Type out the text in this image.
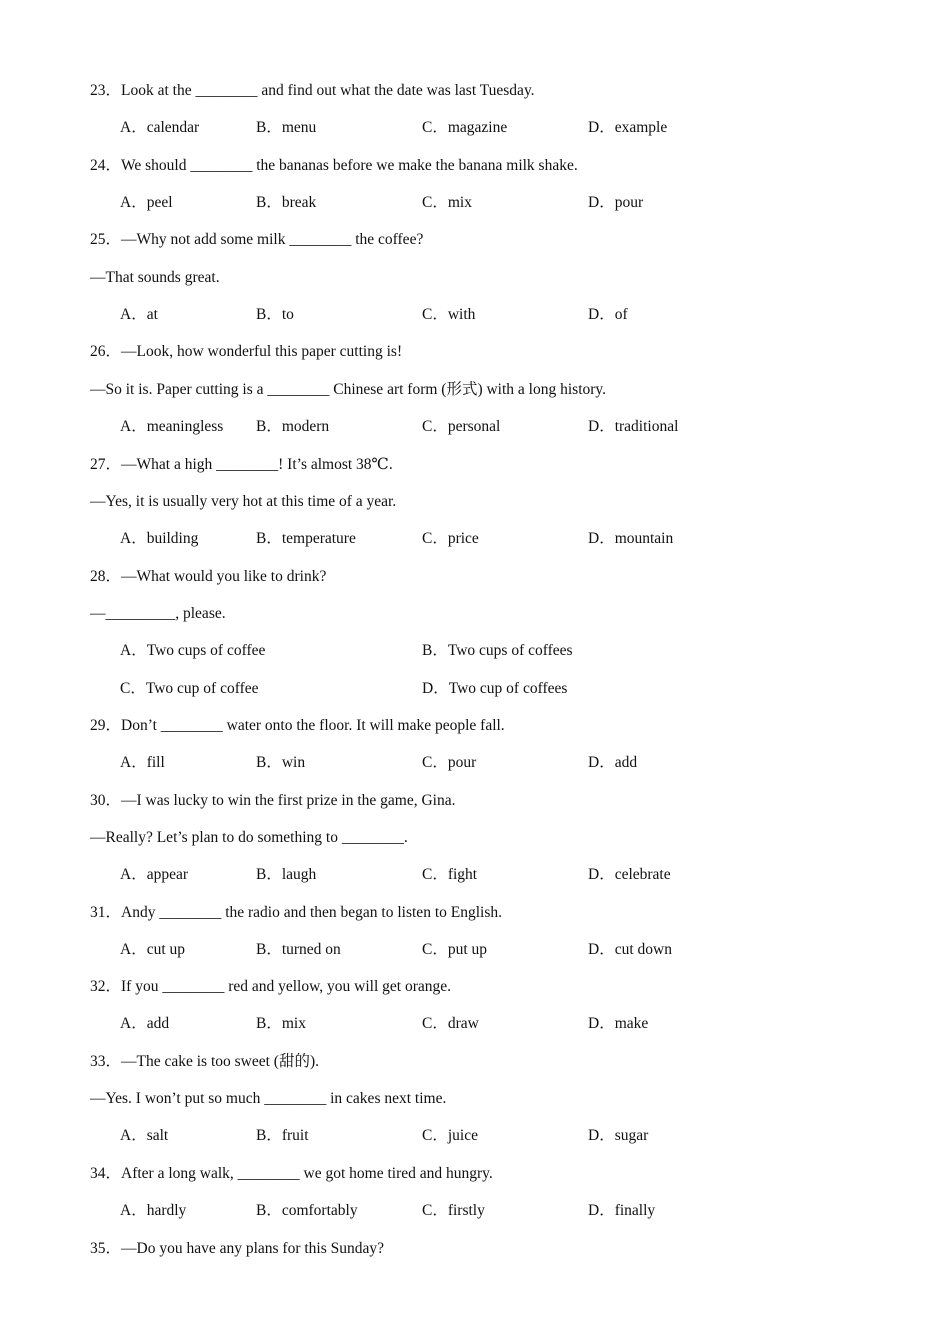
23．Look at the ________ and find out what the date was last Tuesday.
A．calendar	B．menu	C．magazine	D．example
24．We should ________ the bananas before we make the banana milk shake.
A．peel	B．break	C．mix	D．pour
25．—Why not add some milk ________ the coffee?
—That sounds great.
A．at	B．to	C．with	D．of
26．—Look, how wonderful this paper cutting is!
—So it is. Paper cutting is a ________ Chinese art form (形式) with a long history.
A．meaningless B．modern	C．personal	D．traditional
27．—What a high ________! It’s almost 38℃.
—Yes, it is usually very hot at this time of a year.
A．building	B．temperature	C．price	D．mountain
28．—What would you like to drink?
—_________, please.
A．Two cups of coffee	B．Two cups of coffees
C．Two cup of coffee	D．Two cup of coffees
29．Don’t ________ water onto the floor. It will make people fall.
A．fill	B．win	C．pour	D．add
30．—I was lucky to win the first prize in the game, Gina.
—Really? Let’s plan to do something to ________.
A．appear	B．laugh	C．fight	D．celebrate
31．Andy ________ the radio and then began to listen to English.
A．cut up	B．turned on	C．put up	D．cut down
32．If you ________ red and yellow, you will get orange.
A．add	B．mix	C．draw	D．make
33．—The cake is too sweet (甜的).
—Yes. I won’t put so much ________ in cakes next time.
A．salt	B．fruit	C．juice	D．sugar
34．After a long walk, ________ we got home tired and hungry.
A．hardly	B．comfortably	C．firstly	D．finally
35．—Do you have any plans for this Sunday?
